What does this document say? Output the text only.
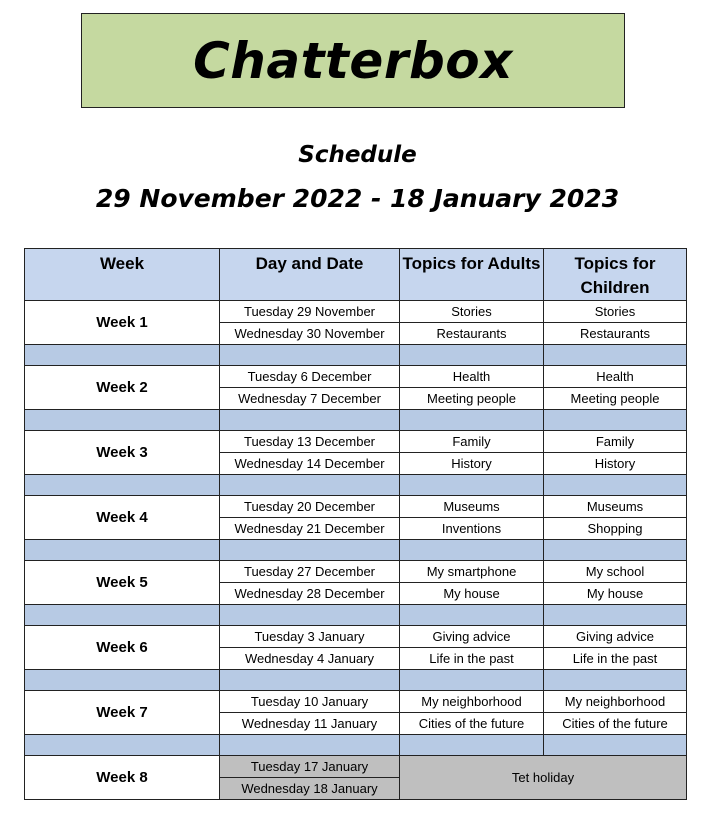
Chatterbox
Schedule
29 November 2022 - 18 January 2023
Week	Day and Date	Topics for Adults	Topics for Children
Week 1	Tuesday 29 November	Stories	Stories
	Wednesday 30 November	Restaurants	Restaurants

Week 2	Tuesday 6 December	Health	Health
	Wednesday 7 December	Meeting people	Meeting people

Week 3	Tuesday 13 December	Family	Family
	Wednesday 14 December	History	History

Week 4	Tuesday 20 December	Museums	Museums
	Wednesday 21 December	Inventions	Shopping

Week 5	Tuesday 27 December	My smartphone	My school
	Wednesday 28 December	My house	My house

Week 6	Tuesday 3 January	Giving advice	Giving advice
	Wednesday 4 January	Life in the past	Life in the past

Week 7	Tuesday 10 January	My neighborhood	My neighborhood
	Wednesday 11 January	Cities of the future	Cities of the future

Week 8	Tuesday 17 January	Tet holiday	
	Wednesday 18 January		
